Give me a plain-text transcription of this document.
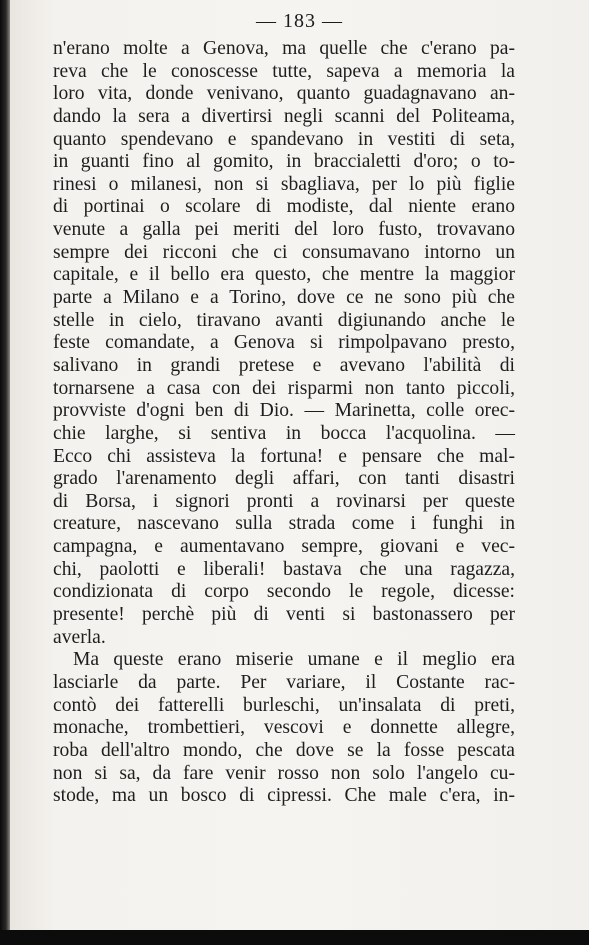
— 183 —
n'erano molte a Genova, ma quelle che c'erano pa-
reva che le conoscesse tutte, sapeva a memoria la
loro vita, donde venivano, quanto guadagnavano an-
dando la sera a divertirsi negli scanni del Politeama,
quanto spendevano e spandevano in vestiti di seta,
in guanti fino al gomito, in braccialetti d'oro; o to-
rinesi o milanesi, non si sbagliava, per lo più figlie
di portinai o scolare di modiste, dal niente erano
venute a galla pei meriti del loro fusto, trovavano
sempre dei ricconi che ci consumavano intorno un
capitale, e il bello era questo, che mentre la maggior
parte a Milano e a Torino, dove ce ne sono più che
stelle in cielo, tiravano avanti digiunando anche le
feste comandate, a Genova si rimpolpavano presto,
salivano in grandi pretese e avevano l'abilità di
tornarsene a casa con dei risparmi non tanto piccoli,
provviste d'ogni ben di Dio. — Marinetta, colle orec-
chie larghe, si sentiva in bocca l'acquolina. —
Ecco chi assisteva la fortuna! e pensare che mal-
grado l'arenamento degli affari, con tanti disastri
di Borsa, i signori pronti a rovinarsi per queste
creature, nascevano sulla strada come i funghi in
campagna, e aumentavano sempre, giovani e vec-
chi, paolotti e liberali! bastava che una ragazza,
condizionata di corpo secondo le regole, dicesse:
presente! perchè più di venti si bastonassero per
averla.
Ma queste erano miserie umane e il meglio era
lasciarle da parte. Per variare, il Costante rac-
contò dei fatterelli burleschi, un'insalata di preti,
monache, trombettieri, vescovi e donnette allegre,
roba dell'altro mondo, che dove se la fosse pescata
non si sa, da fare venir rosso non solo l'angelo cu-
stode, ma un bosco di cipressi. Che male c'era, in-
